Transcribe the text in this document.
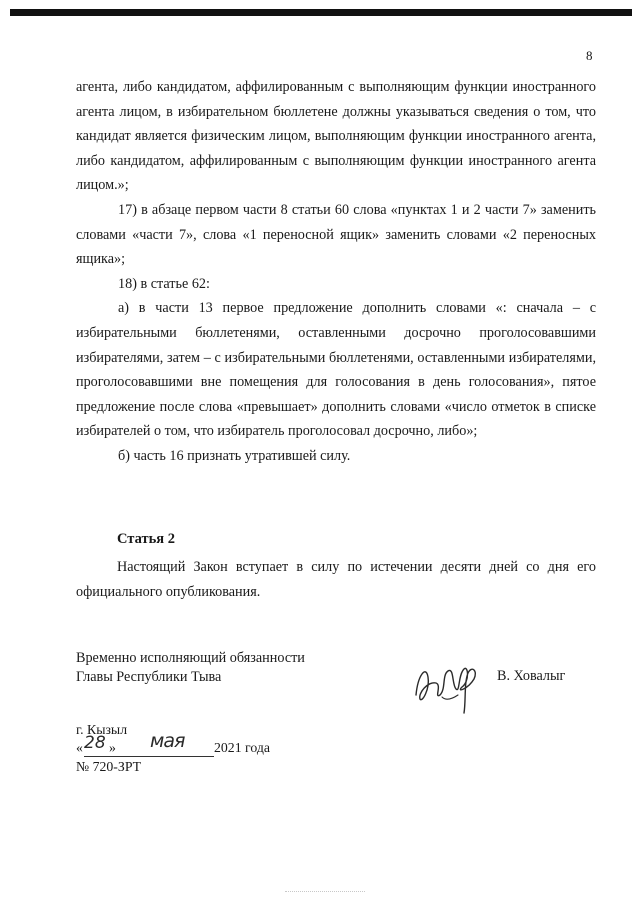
8

агента, либо кандидатом, аффилированным с выполняющим функции иностранного агента лицом, в избирательном бюллетене должны указываться сведения о том, что кандидат является физическим лицом, выполняющим функции иностранного агента, либо кандидатом, аффилированным с выполняющим функции иностранного агента лицом.»;

17) в абзаце первом части 8 статьи 60 слова «пунктах 1 и 2 части 7» заменить словами «части 7», слова «1 переносной ящик» заменить словами «2 переносных ящика»;

18) в статье 62:

а) в части 13 первое предложение дополнить словами «: сначала – с избирательными бюллетенями, оставленными досрочно проголосовавшими избирателями, затем – с избирательными бюллетенями, оставленными избирателями, проголосовавшими вне помещения для голосования в день голосования», пятое предложение после слова «превышает» дополнить словами «число отметок в списке избирателей о том, что избиратель проголосовал досрочно, либо»;

б) часть 16 признать утратившей силу.

Статья 2

Настоящий Закон вступает в силу по истечении десяти дней со дня его официального опубликования.

Временно исполняющий обязанности
Главы Республики Тыва	В. Ховалыг
г. Кызыл
« 28 » мая 2021 года
№ 720-ЗРТ
